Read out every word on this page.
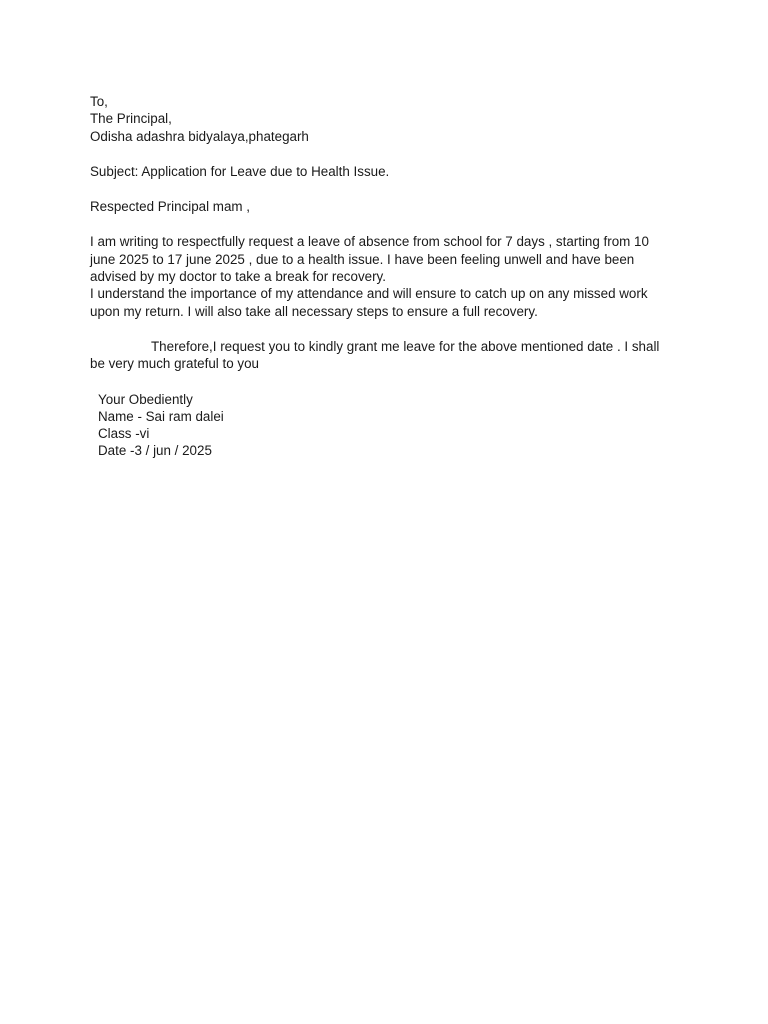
To,
The Principal,
Odisha adashra bidyalaya,phategarh
Subject: Application for Leave due to Health Issue.
Respected Principal mam ,
I am writing to respectfully request a leave of absence from school for 7 days , starting from 10
june 2025 to 17 june 2025 , due to a health issue. I have been feeling unwell and have been
advised by my doctor to take a break for recovery.
I understand the importance of my attendance and will ensure to catch up on any missed work
upon my return. I will also take all necessary steps to ensure a full recovery.
Therefore,I request you to kindly grant me leave for the above mentioned date . I shall
be very much grateful to you
Your Obediently
Name - Sai ram dalei
Class -vi
Date -3 / jun / 2025
